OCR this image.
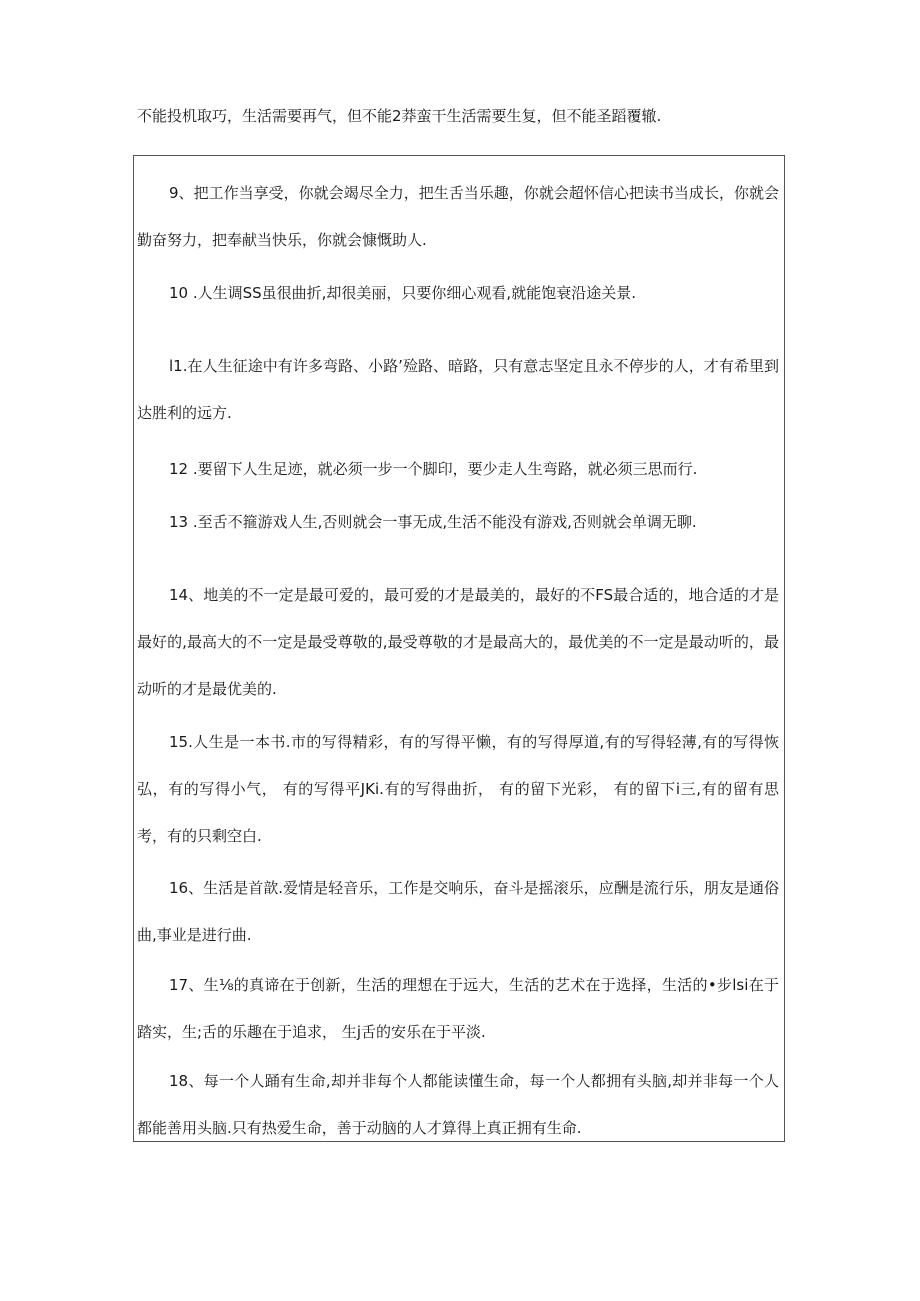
不能投机取巧，生活需要再气，但不能2莽蛮干生活需要生复，但不能圣蹈覆辙.

9、把工作当享受，你就会竭尽全力，把生舌当乐趣，你就会超怀信心把读书当成长，你就会勤奋努力，把奉献当快乐，你就会慷慨助人.

10 .人生调SS虽很曲折,却很美丽，只要你细心观看,就能饱衰沿途关景.

l1.在人生征途中有许多弯路、小路’殓路、暗路，只有意志坚定且永不停步的人，才有希里到达胜利的远方.

12 .要留下人生足迹，就必须一步一个脚印，要少走人生弯路，就必须三思而行.

13 .至舌不箍游戏人生,否则就会一事无成,生活不能没有游戏,否则就会单调无聊.

14、地美的不一定是最可爱的，最可爱的才是最美的，最好的不FS最合适的，地合适的才是最好的,最高大的不一定是最受尊敬的,最受尊敬的才是最高大的，最优美的不一定是最动听的，最动听的才是最优美的.

15.人生是一本书.市的写得精彩，有的写得平懒，有的写得厚道,有的写得轻薄,有的写得恢弘，有的写得小气， 有的写得平JKi.有的写得曲折， 有的留下光彩， 有的留下i三,有的留有思考，有的只剩空白.

16、生活是首歆.爱情是轻音乐，工作是交响乐，奋斗是摇滚乐，应酬是流行乐，朋友是通俗曲,事业是进行曲.

17、生⅛的真谛在于创新，生活的理想在于远大，生活的艺术在于选择，生活的•步lsi在于踏实，生;舌的乐趣在于追求， 生j舌的安乐在于平淡.

18、每一个人踊有生命,却并非每个人都能读懂生命，每一个人都拥有头脑,却并非每一个人都能善用头脑.只有热爱生命，善于动脑的人才算得上真正拥有生命.
